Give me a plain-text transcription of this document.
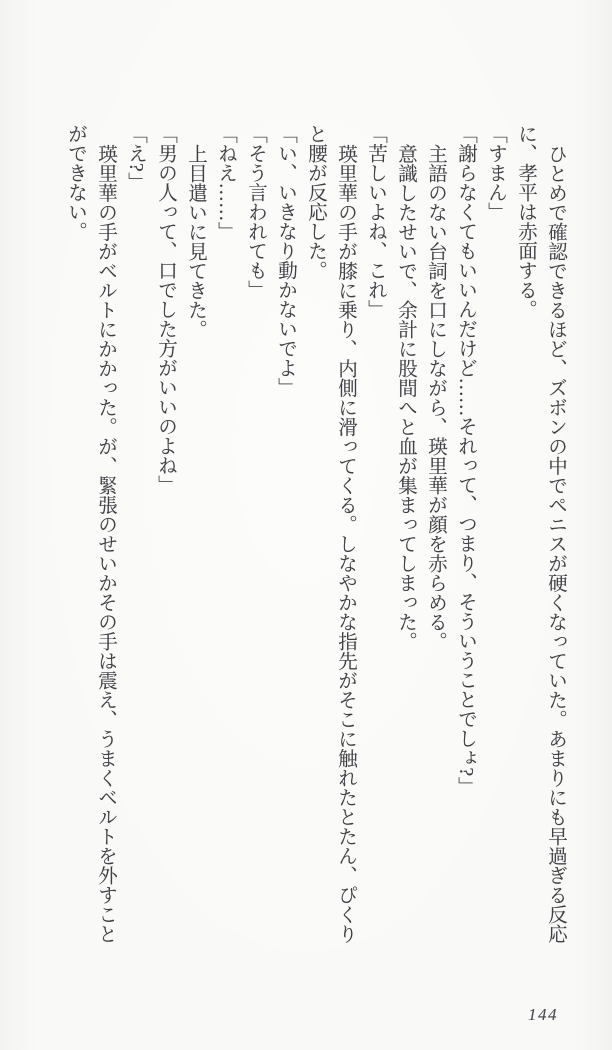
ひとめで確認できるほど、ズボンの中でペニスが硬くなっていた。あまりにも早過ぎる反応

に、孝平は赤面する。

「すまん」

「謝らなくてもいいんだけど……それって、つまり、そういうことでしょ?」

主語のない台詞を口にしながら、瑛里華が顔を赤らめる。

意識したせいで、余計に股間へと血が集まってしまった。

「苦しいよね、これ」

瑛里華の手が膝に乗り、内側に滑ってくる。しなやかな指先がそこに触れたとたん、ぴくり

と腰が反応した。

「い、いきなり動かないでよ」

「そう言われても」

「ねえ……」

上目遣いに見てきた。

「男の人って、口でした方がいいのよね」

「え?」

瑛里華の手がベルトにかかった。が、緊張のせいかその手は震え、うまくベルトを外すこと

ができない。

144
